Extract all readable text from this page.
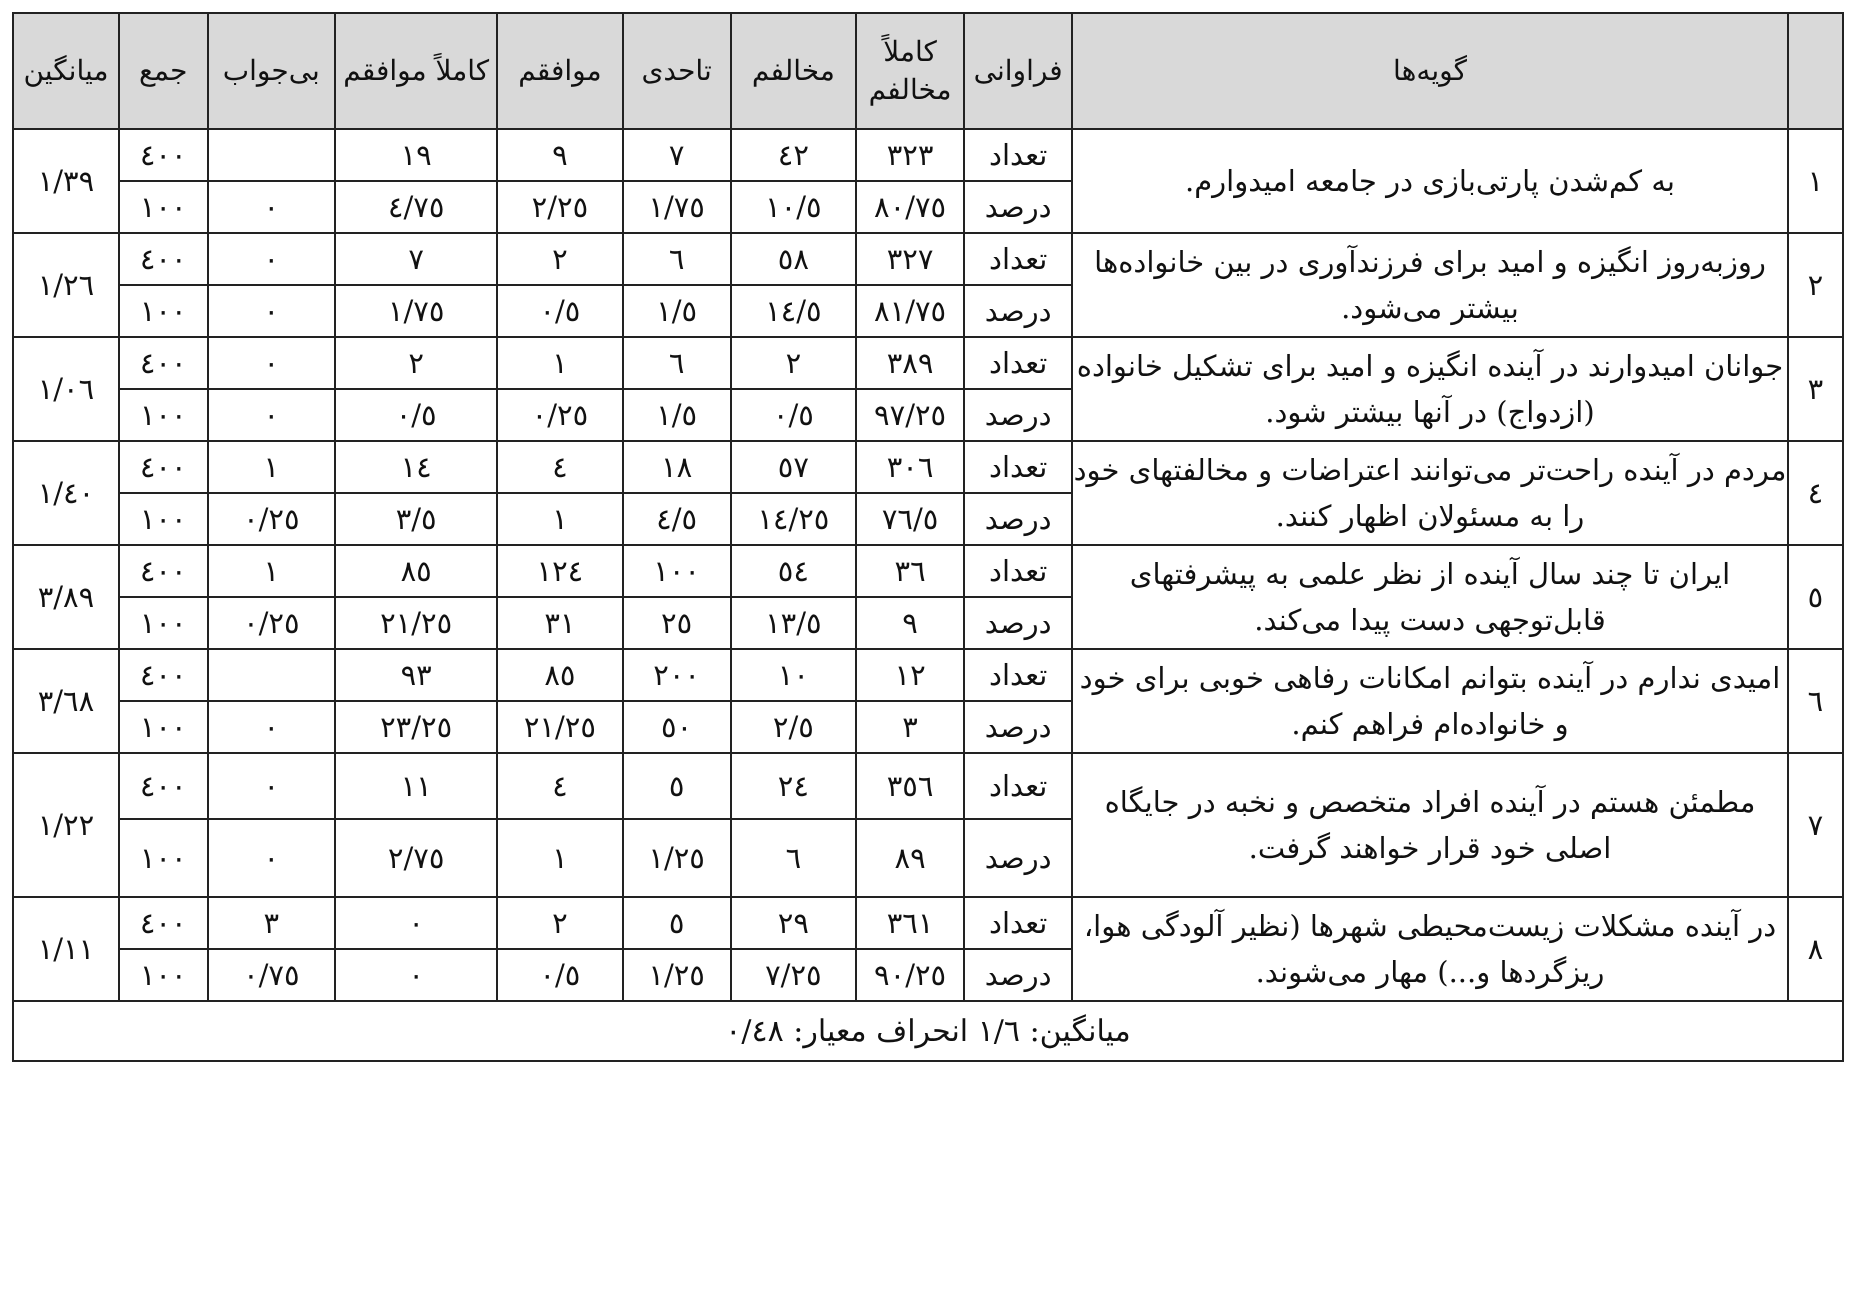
میانگین	جمع	بی‌جواب	کاملاً موافقم	موافقم	تاحدی	مخالفم	کاملاً مخالفم	فراوانی	گویه‌ها	
١/٣٩	٤٠٠		١٩	٩	٧	٤٢	٣٢٣	تعداد	به کم‌شدن پارتی‌بازی در جامعه امیدوارم.	١
	١٠٠	٠	٤/٧٥	٢/٢٥	١/٧٥	١٠/٥	٨٠/٧٥	درصد		
١/٢٦	٤٠٠	٠	٧	٢	٦	٥٨	٣٢٧	تعداد	روزبه‌روز انگیزه و امید برای فرزندآوری در بین خانواده‌ها بیشتر می‌شود.	٢
	١٠٠	٠	١/٧٥	٠/٥	١/٥	١٤/٥	٨١/٧٥	درصد		
١/٠٦	٤٠٠	٠	٢	١	٦	٢	٣٨٩	تعداد	جوانان امیدوارند در آینده انگیزه و امید برای تشکیل خانواده (ازدواج) در آنها بیشتر شود.	٣
	١٠٠	٠	٠/٥	٠/٢٥	١/٥	٠/٥	٩٧/٢٥	درصد		
١/٤٠	٤٠٠	١	١٤	٤	١٨	٥٧	٣٠٦	تعداد	مردم در آینده راحت‌تر می‌توانند اعتراضات و مخالفتهای خود را به مسئولان اظهار کنند.	٤
	١٠٠	٠/٢٥	٣/٥	١	٤/٥	١٤/٢٥	٧٦/٥	درصد		
٣/٨٩	٤٠٠	١	٨٥	١٢٤	١٠٠	٥٤	٣٦	تعداد	ایران تا چند سال آینده از نظر علمی به پیشرفتهای قابل‌توجهی دست پیدا می‌کند.	٥
	١٠٠	٠/٢٥	٢١/٢٥	٣١	٢٥	١٣/٥	٩	درصد		
٣/٦٨	٤٠٠		٩٣	٨٥	٢٠٠	١٠	١٢	تعداد	امیدی ندارم در آینده بتوانم امکانات رفاهی خوبی برای خود و خانواده‌ام فراهم کنم.	٦
	١٠٠	٠	٢٣/٢٥	٢١/٢٥	٥٠	٢/٥	٣	درصد		
١/٢٢	٤٠٠	٠	١١	٤	٥	٢٤	٣٥٦	تعداد	مطمئن هستم در آینده افراد متخصص و نخبه در جایگاه اصلی خود قرار خواهند گرفت.	٧
	١٠٠	٠	٢/٧٥	١	١/٢٥	٦	٨٩	درصد		
١/١١	٤٠٠	٣	٠	٢	٥	٢٩	٣٦١	تعداد	در آینده مشکلات زیست‌محیطی شهرها (نظیر آلودگی هوا، ریزگردها و...) مهار می‌شوند.	٨
	١٠٠	٠/٧٥	٠	٠/٥	١/٢٥	٧/٢٥	٩٠/٢٥	درصد		
میانگین: ١/٦ انحراف معیار: ٠/٤٨										
